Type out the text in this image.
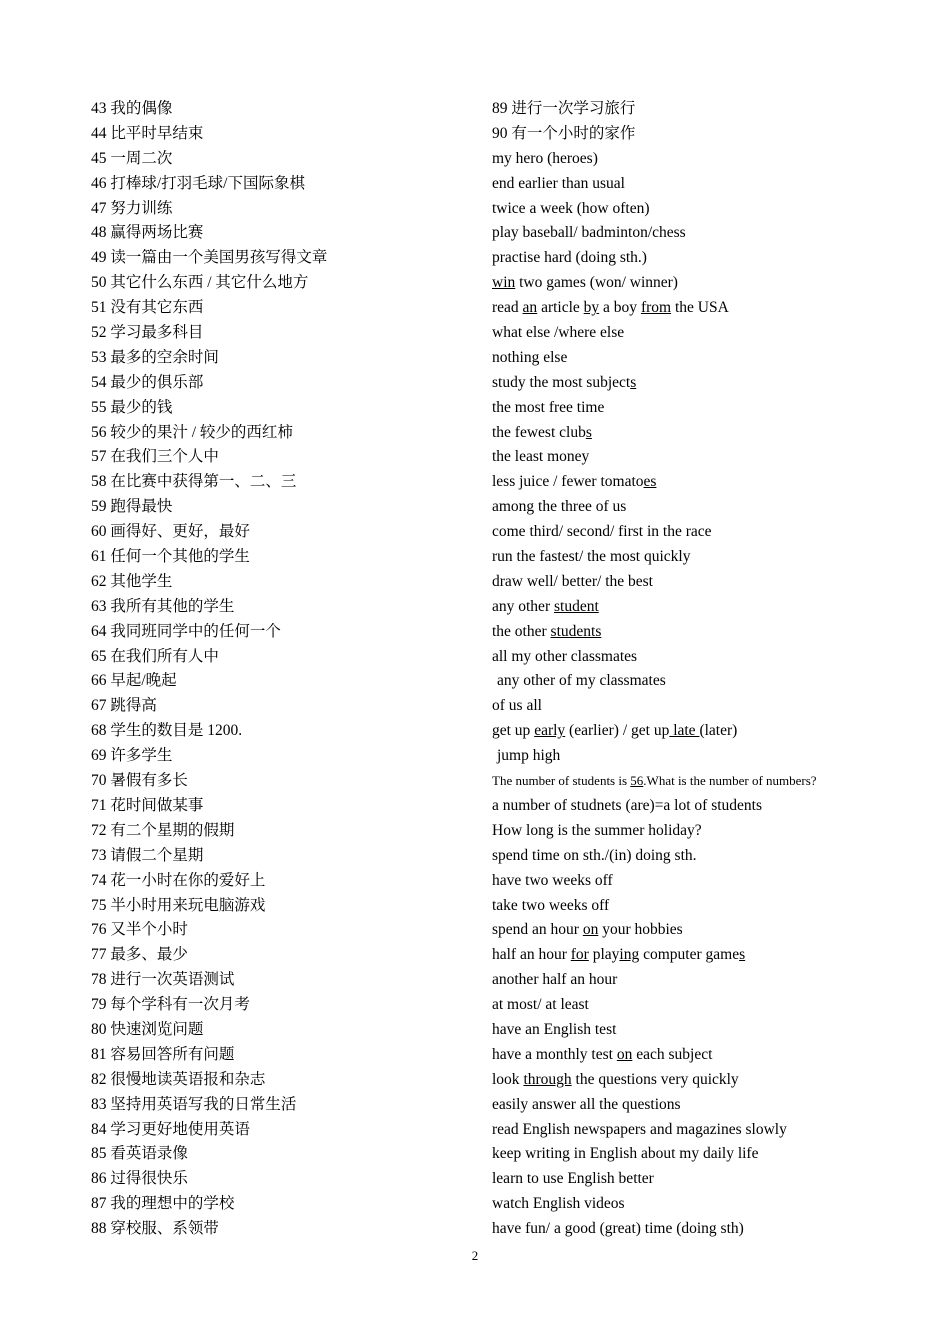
43 我的偶像
44 比平时早结束
45 一周二次
46 打棒球/打羽毛球/下国际象棋
47 努力训练
48 赢得两场比赛
49 读一篇由一个美国男孩写得文章
50 其它什么东西 / 其它什么地方
51 没有其它东西
52 学习最多科目
53 最多的空余时间
54 最少的俱乐部
55 最少的钱
56 较少的果汁 / 较少的西红柿
57 在我们三个人中
58 在比赛中获得第一、二、三
59 跑得最快
60 画得好、更好，最好
61 任何一个其他的学生
62 其他学生
63 我所有其他的学生
64 我同班同学中的任何一个
65 在我们所有人中
66 早起/晚起
67 跳得高
68 学生的数目是 1200.
69 许多学生
70 暑假有多长
71 花时间做某事
72 有二个星期的假期
73 请假二个星期
74 花一小时在你的爱好上
75 半小时用来玩电脑游戏
76 又半个小时
77 最多、最少
78 进行一次英语测试
79 每个学科有一次月考
80 快速浏览问题
81 容易回答所有问题
82 很慢地读英语报和杂志
83 坚持用英语写我的日常生活
84 学习更好地使用英语
85 看英语录像
86 过得很快乐
87 我的理想中的学校
88 穿校服、系领带
89 进行一次学习旅行
90 有一个小时的家作
my hero (heroes)
end earlier than usual
twice a week (how often)
play baseball/ badminton/chess
practise hard (doing sth.)
win two games (won/ winner)
read an article by a boy from the USA
what else /where else
nothing else
study the most subjects
the most free time
the fewest clubs
the least money
less juice / fewer tomatoes
among the three of us
come third/ second/ first in the race
run the fastest/ the most quickly
draw well/ better/ the best
any other student
the other students
all my other classmates
any other of my classmates
of us all
get up early (earlier) / get up late (later)
jump high
The number of students is 56.What is the number of numbers?
a number of studnets (are)=a lot of students
How long is the summer holiday?
spend time on sth./(in) doing sth.
have two weeks off
take two weeks off
spend an hour on your hobbies
half an hour for playing computer games
another half an hour
at most/ at least
have an English test
have a monthly test on each subject
look through the questions very quickly
easily answer all the questions
read English newspapers and magazines slowly
keep writing in English about my daily life
learn to use English better
watch English videos
have fun/ a good (great) time (doing sth)
2
